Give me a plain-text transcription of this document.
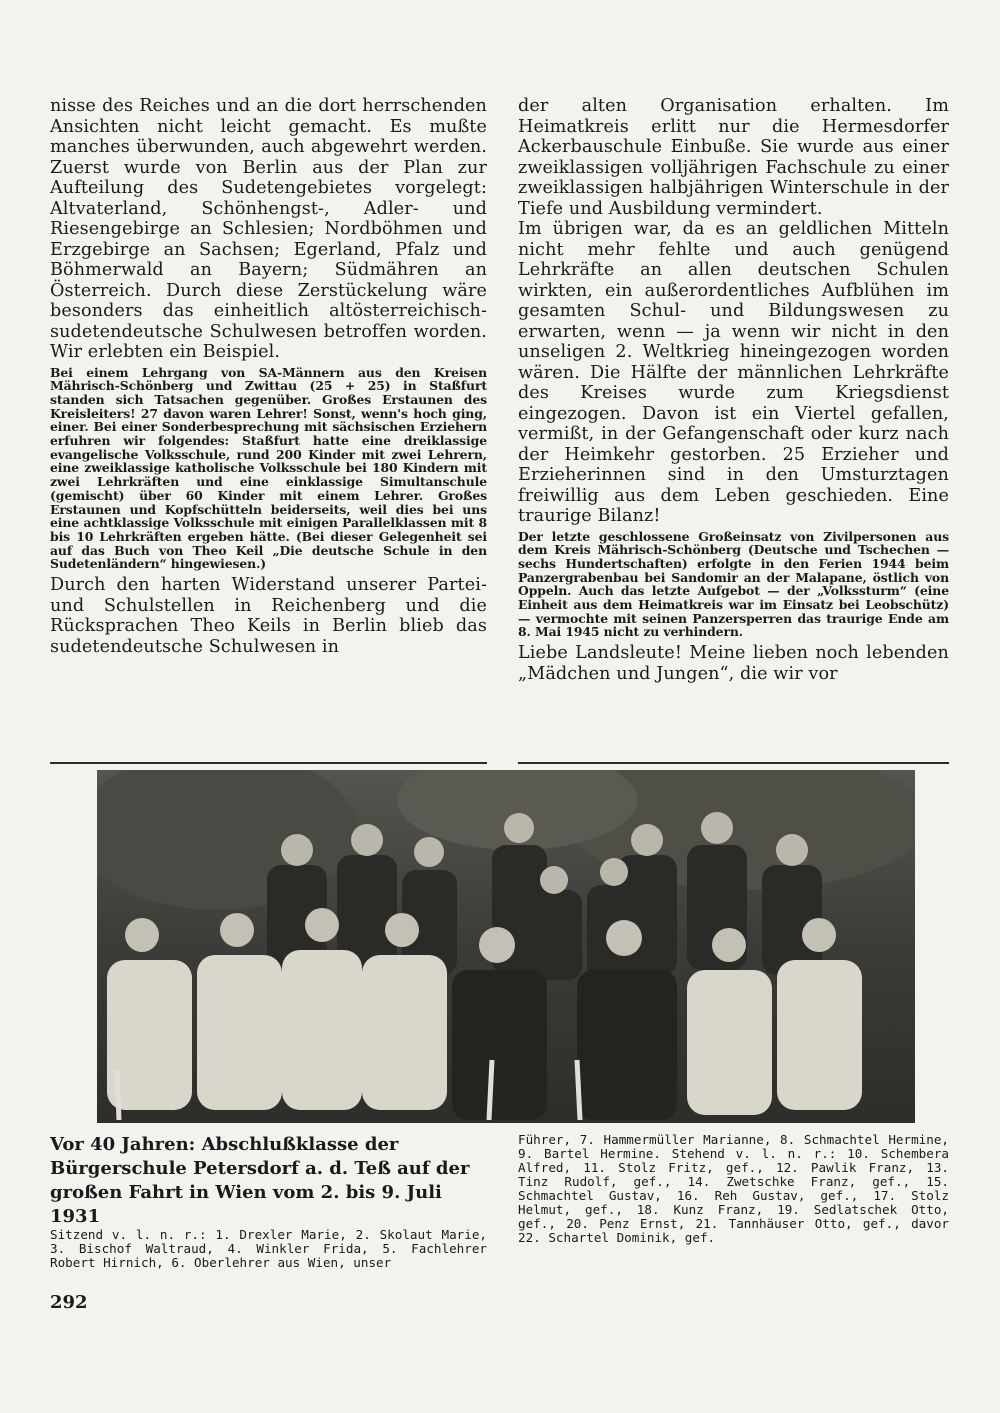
nisse des Reiches und an die dort herrschenden Ansichten nicht leicht gemacht. Es mußte manches überwunden, auch abgewehrt werden. Zuerst wurde von Berlin aus der Plan zur Aufteilung des Sudetengebietes vorgelegt: Altvaterland, Schönhengst-, Adler- und Riesengebirge an Schlesien; Nordböhmen und Erzgebirge an Sachsen; Egerland, Pfalz und Böhmerwald an Bayern; Südmähren an Österreich. Durch diese Zerstückelung wäre besonders das einheitlich altösterreichisch-sudetendeutsche Schulwesen betroffen worden. Wir erlebten ein Beispiel.

Bei einem Lehrgang von SA-Männern aus den Kreisen Mährisch-Schönberg und Zwittau (25 + 25) in Staßfurt standen sich Tatsachen gegenüber. Großes Erstaunen des Kreisleiters! 27 davon waren Lehrer! Sonst, wenn's hoch ging, einer. Bei einer Sonderbesprechung mit sächsischen Erziehern erfuhren wir folgendes: Staßfurt hatte eine dreiklassige evangelische Volksschule, rund 200 Kinder mit zwei Lehrern, eine zweiklassige katholische Volksschule bei 180 Kindern mit zwei Lehrkräften und eine einklassige Simultanschule (gemischt) über 60 Kinder mit einem Lehrer. Großes Erstaunen und Kopfschütteln beiderseits, weil dies bei uns eine achtklassige Volksschule mit einigen Parallelklassen mit 8 bis 10 Lehrkräften ergeben hätte. (Bei dieser Gelegenheit sei auf das Buch von Theo Keil „Die deutsche Schule in den Sudetenländern“ hingewiesen.)

Durch den harten Widerstand unserer Partei- und Schulstellen in Reichenberg und die Rücksprachen Theo Keils in Berlin blieb das sudetendeutsche Schulwesen in

der alten Organisation erhalten. Im Heimatkreis erlitt nur die Hermesdorfer Ackerbauschule Einbuße. Sie wurde aus einer zweiklassigen volljährigen Fachschule zu einer zweiklassigen halbjährigen Winterschule in der Tiefe und Ausbildung vermindert.

Im übrigen war, da es an geldlichen Mitteln nicht mehr fehlte und auch genügend Lehrkräfte an allen deutschen Schulen wirkten, ein außerordentliches Aufblühen im gesamten Schul- und Bildungswesen zu erwarten, wenn — ja wenn wir nicht in den unseligen 2. Weltkrieg hineingezogen worden wären. Die Hälfte der männlichen Lehrkräfte des Kreises wurde zum Kriegsdienst eingezogen. Davon ist ein Viertel gefallen, vermißt, in der Gefangenschaft oder kurz nach der Heimkehr gestorben. 25 Erzieher und Erzieherinnen sind in den Umsturztagen freiwillig aus dem Leben geschieden. Eine traurige Bilanz!

Der letzte geschlossene Großeinsatz von Zivilpersonen aus dem Kreis Mährisch-Schönberg (Deutsche und Tschechen — sechs Hundertschaften) erfolgte in den Ferien 1944 beim Panzergrabenbau bei Sandomir an der Malapane, östlich von Oppeln. Auch das letzte Aufgebot — der „Volkssturm“ (eine Einheit aus dem Heimatkreis war im Einsatz bei Leobschütz) — vermochte mit seinen Panzersperren das traurige Ende am 8. Mai 1945 nicht zu verhindern.

Liebe Landsleute! Meine lieben noch lebenden „Mädchen und Jungen“, die wir vor

Vor 40 Jahren: Abschlußklasse der Bürgerschule Petersdorf a. d. Teß auf der großen Fahrt in Wien vom 2. bis 9. Juli 1931

Sitzend v. l. n. r.: 1. Drexler Marie, 2. Skolaut Marie, 3. Bischof Waltraud, 4. Winkler Frida, 5. Fachlehrer Robert Hirnich, 6. Oberlehrer aus Wien, unser

Führer, 7. Hammermüller Marianne, 8. Schmachtel Hermine, 9. Bartel Hermine. Stehend v. l. n. r.: 10. Schembera Alfred, 11. Stolz Fritz, gef., 12. Pawlik Franz, 13. Tinz Rudolf, gef., 14. Zwetschke Franz, gef., 15. Schmachtel Gustav, 16. Reh Gustav, gef., 17. Stolz Helmut, gef., 18. Kunz Franz, 19. Sedlatschek Otto, gef., 20. Penz Ernst, 21. Tannhäuser Otto, gef., davor 22. Schartel Dominik, gef.
292
